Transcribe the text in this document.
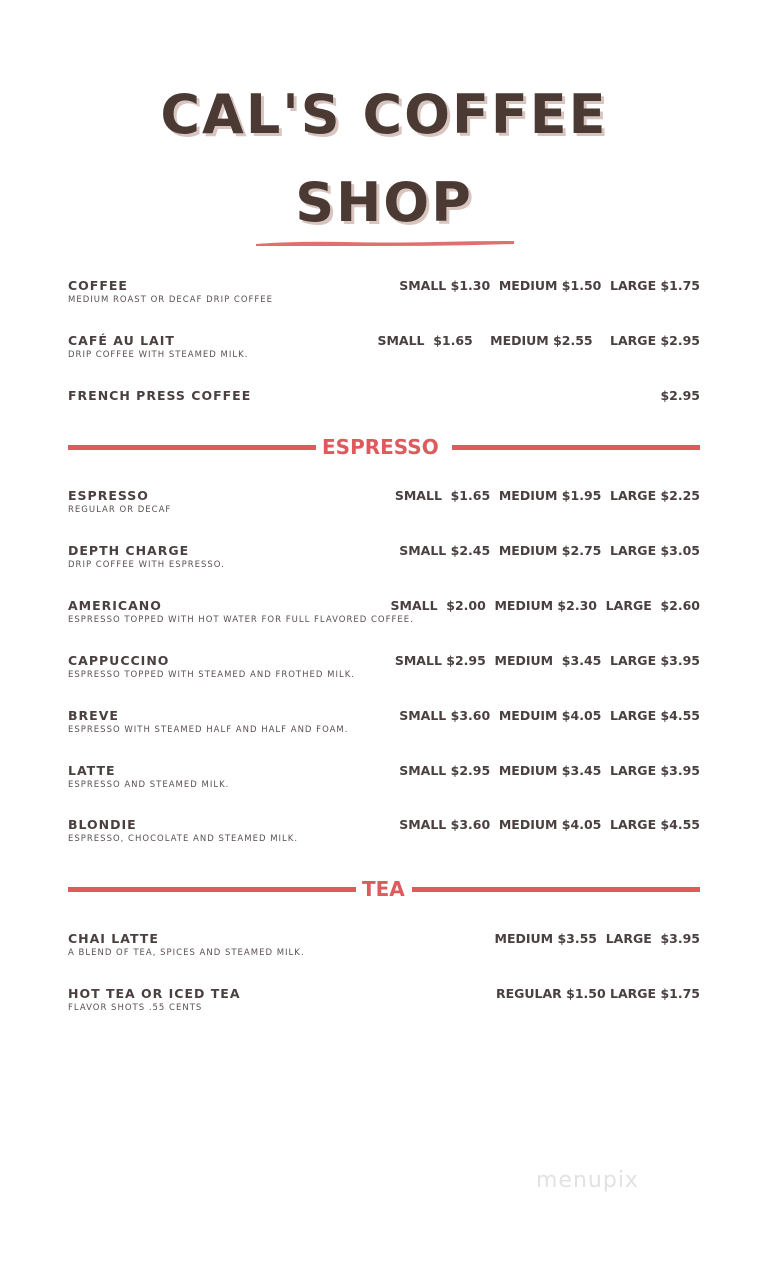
CAL'S COFFEE
SHOP
COFFEE
MEDIUM ROAST OR DECAF DRIP COFFEE
SMALL $1.30  MEDIUM $1.50  LARGE $1.75
CAFÉ AU LAIT
DRIP COFFEE WITH STEAMED MILK.
SMALL  $1.65    MEDIUM $2.55    LARGE $2.95
FRENCH PRESS COFFEE	$2.95
ESPRESSO
ESPRESSO
REGULAR OR DECAF
SMALL  $1.65  MEDIUM $1.95  LARGE $2.25
DEPTH CHARGE
DRIP COFFEE WITH ESPRESSO.
SMALL $2.45  MEDIUM $2.75  LARGE $3.05
AMERICANO
ESPRESSO TOPPED WITH HOT WATER FOR FULL FLAVORED COFFEE.
SMALL  $2.00  MEDIUM $2.30  LARGE  $2.60
CAPPUCCINO
ESPRESSO TOPPED WITH STEAMED AND FROTHED MILK.
SMALL $2.95  MEDIUM  $3.45  LARGE $3.95
BREVE
ESPRESSO WITH STEAMED HALF AND HALF AND FOAM.
SMALL $3.60  MEDUIM $4.05  LARGE $4.55
LATTE
ESPRESSO AND STEAMED MILK.
SMALL $2.95  MEDIUM $3.45  LARGE $3.95
BLONDIE
ESPRESSO, CHOCOLATE AND STEAMED MILK.
SMALL $3.60  MEDIUM $4.05  LARGE $4.55
TEA
CHAI LATTE
A BLEND OF TEA, SPICES AND STEAMED MILK.
MEDIUM $3.55  LARGE  $3.95
HOT TEA OR ICED TEA
FLAVOR SHOTS .55 CENTS
REGULAR $1.50 LARGE $1.75
menupix
